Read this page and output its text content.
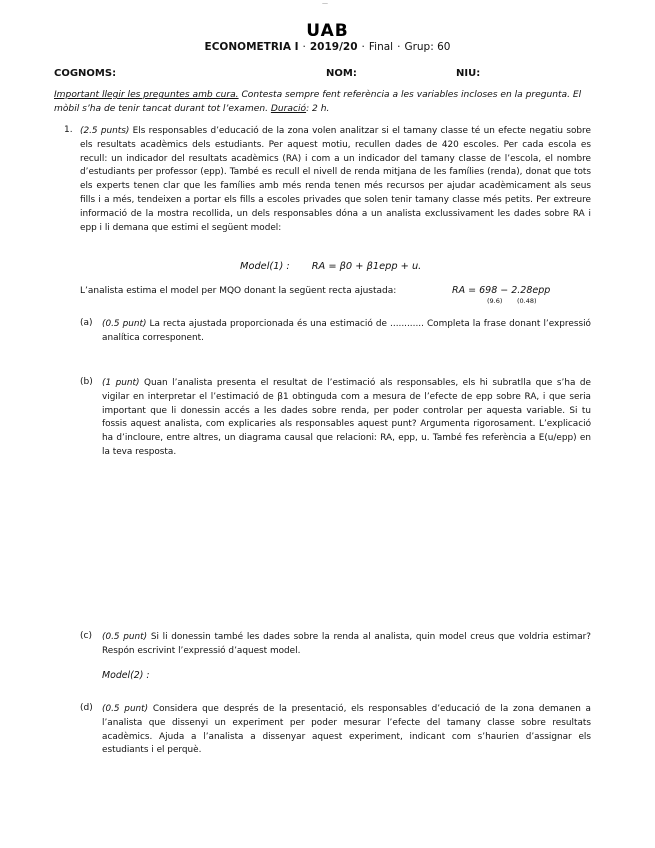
—
UAB
ECONOMETRIA I · 2019/20 · Final · Grup: 60
COGNOMS:	NOM:	NIU:
Important llegir les preguntes amb cura. Contesta sempre fent referència a les variables incloses en la pregunta. El mòbil s’ha de tenir tancat durant tot l’examen. Duració: 2 h.
1. (2.5 punts) Els responsables d’educació de la zona volen analitzar si el tamany classe té un efecte negatiu sobre els resultats acadèmics dels estudiants. Per aquest motiu, recullen dades de 420 escoles. Per cada escola es recull: un indicador del resultats acadèmics (RA) i com a un indicador del tamany classe de l’escola, el nombre d’estudiants per professor (epp). També es recull el nivell de renda mitjana de les famílies (renda), donat que tots els experts tenen clar que les famílies amb més renda tenen més recursos per ajudar acadèmicament als seus fills i a més, tendeixen a portar els fills a escoles privades que solen tenir tamany classe més petits. Per extreure informació de la mostra recollida, un dels responsables dóna a un analista exclussivament les dades sobre RA i epp i li demana que estimi el següent model:
Model(1) : RA = β0 + β1epp + u.
L’analista estima el model per MQO donant la següent recta ajustada:	RA = 698 − 2.28epp
(9.6) (0.48)
(a) (0.5 punt) La recta ajustada proporcionada és una estimació de ............ Completa la frase donant l’expressió analítica corresponent.
(b) (1 punt) Quan l’analista presenta el resultat de l’estimació als responsables, els hi subratlla que s’ha de vigilar en interpretar el l’estimació de β1 obtinguda com a mesura de l’efecte de epp sobre RA, i que seria important que li donessin accés a les dades sobre renda, per poder controlar per aquesta variable. Si tu fossis aquest analista, com explicaries als responsables aquest punt? Argumenta rigorosament. L’explicació ha d’incloure, entre altres, un diagrama causal que relacioni: RA, epp, u. També fes referència a E(u/epp) en la teva resposta.
(c) (0.5 punt) Si li donessin també les dades sobre la renda al analista, quin model creus que voldria estimar? Respón escrivint l’expressió d’aquest model.
Model(2) :
(d) (0.5 punt) Considera que després de la presentació, els responsables d’educació de la zona demanen a l’analista que dissenyi un experiment per poder mesurar l’efecte del tamany classe sobre resultats acadèmics. Ajuda a l’analista a dissenyar aquest experiment, indicant com s’haurien d’assignar els estudiants i el perquè.
